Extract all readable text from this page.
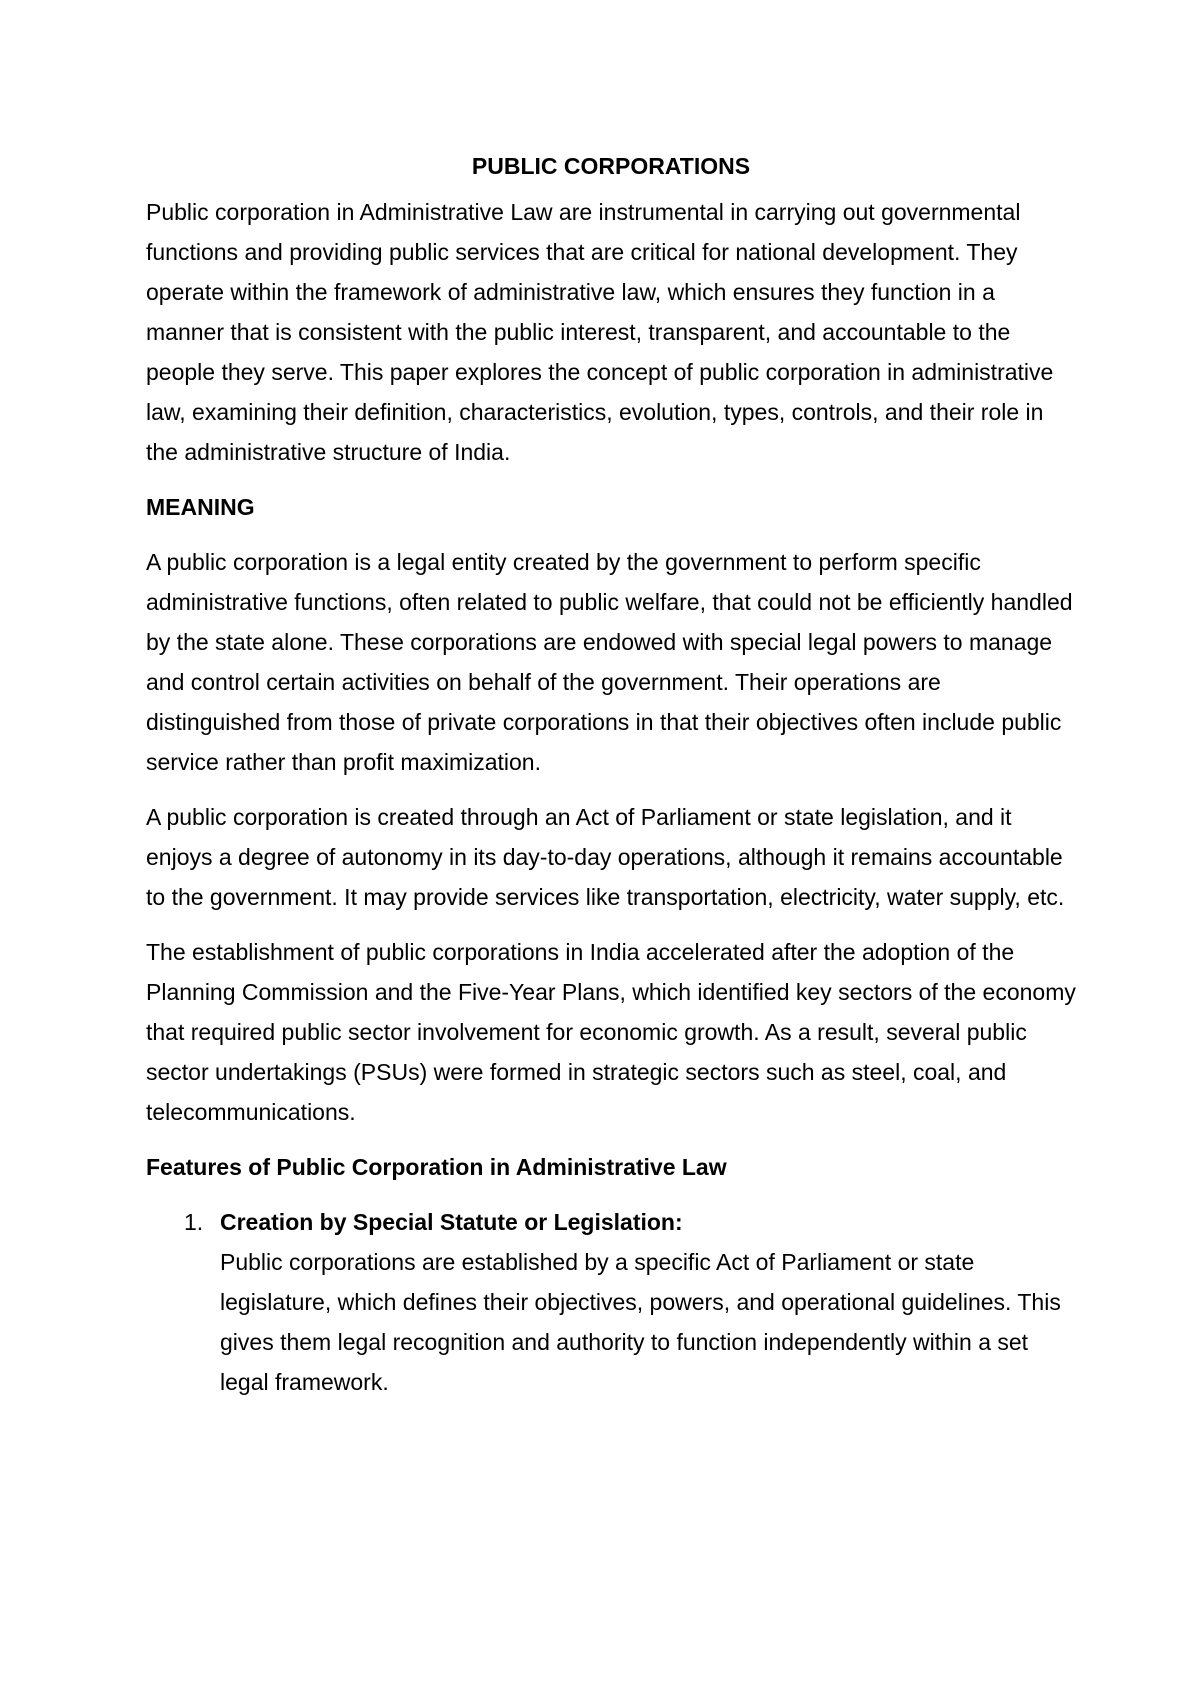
PUBLIC CORPORATIONS

Public corporation in Administrative Law are instrumental in carrying out governmental functions and providing public services that are critical for national development. They operate within the framework of administrative law, which ensures they function in a manner that is consistent with the public interest, transparent, and accountable to the people they serve. This paper explores the concept of public corporation in administrative law, examining their definition, characteristics, evolution, types, controls, and their role in the administrative structure of India.

MEANING

A public corporation is a legal entity created by the government to perform specific administrative functions, often related to public welfare, that could not be efficiently handled by the state alone. These corporations are endowed with special legal powers to manage and control certain activities on behalf of the government. Their operations are distinguished from those of private corporations in that their objectives often include public service rather than profit maximization.

A public corporation is created through an Act of Parliament or state legislation, and it enjoys a degree of autonomy in its day-to-day operations, although it remains accountable to the government. It may provide services like transportation, electricity, water supply, etc.

The establishment of public corporations in India accelerated after the adoption of the Planning Commission and the Five-Year Plans, which identified key sectors of the economy that required public sector involvement for economic growth. As a result, several public sector undertakings (PSUs) were formed in strategic sectors such as steel, coal, and telecommunications.

Features of Public Corporation in Administrative Law
1. Creation by Special Statute or Legislation:
Public corporations are established by a specific Act of Parliament or state legislature, which defines their objectives, powers, and operational guidelines. This gives them legal recognition and authority to function independently within a set legal framework.
